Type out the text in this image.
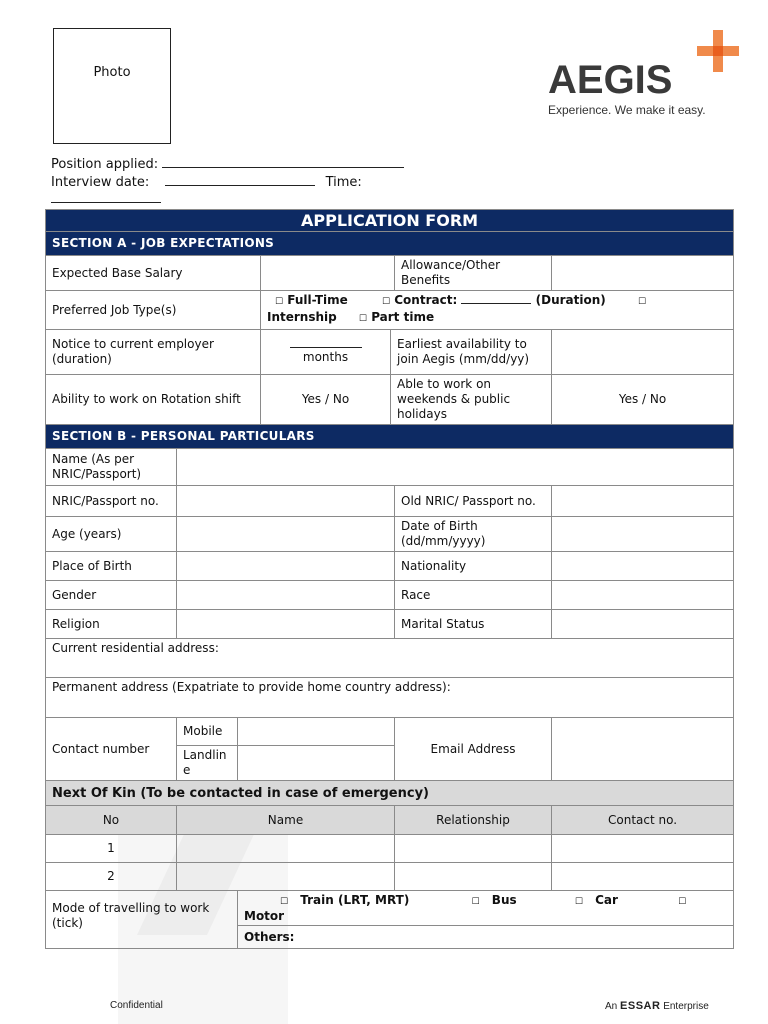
Photo	AEGIS
Experience. We make it easy.
Position applied:
Interview date:	Time:
APPLICATION FORM						
SECTION A - JOB EXPECTATIONS						
Expected Base Salary					Allowance/Other Benefits	
Preferred Job Type(s)			☐ Full-Time ☐ Contract: (Duration) ☐
Internship ☐ Part time			
Notice to current employer (duration)			months	Earliest availability to join Aegis (mm/dd/yy)		
Ability to work on Rotation shift			Yes / No	Able to work on weekends & public holidays		Yes / No
SECTION B - PERSONAL PARTICULARS						
Name (As per NRIC/Passport)						
NRIC/Passport no.					Old NRIC/ Passport no.	
Age (years)					Date of Birth (dd/mm/yyyy)	
Place of Birth					Nationality	
Gender					Race	
Religion					Marital Status	
Current residential address:						
Permanent address (Expatriate to provide home country address):						
Contact number	Mobile				Email Address	
	Landline					
Next Of Kin (To be contacted in case of emergency)						
No	Name				Relationship	Contact no.
1						
2						
Mode of travelling to work (tick)		☐ Train (LRT, MRT) ☐ Bus ☐ Car ☐
Motor				
		Others:				
Confidential	An ESSAR Enterprise
